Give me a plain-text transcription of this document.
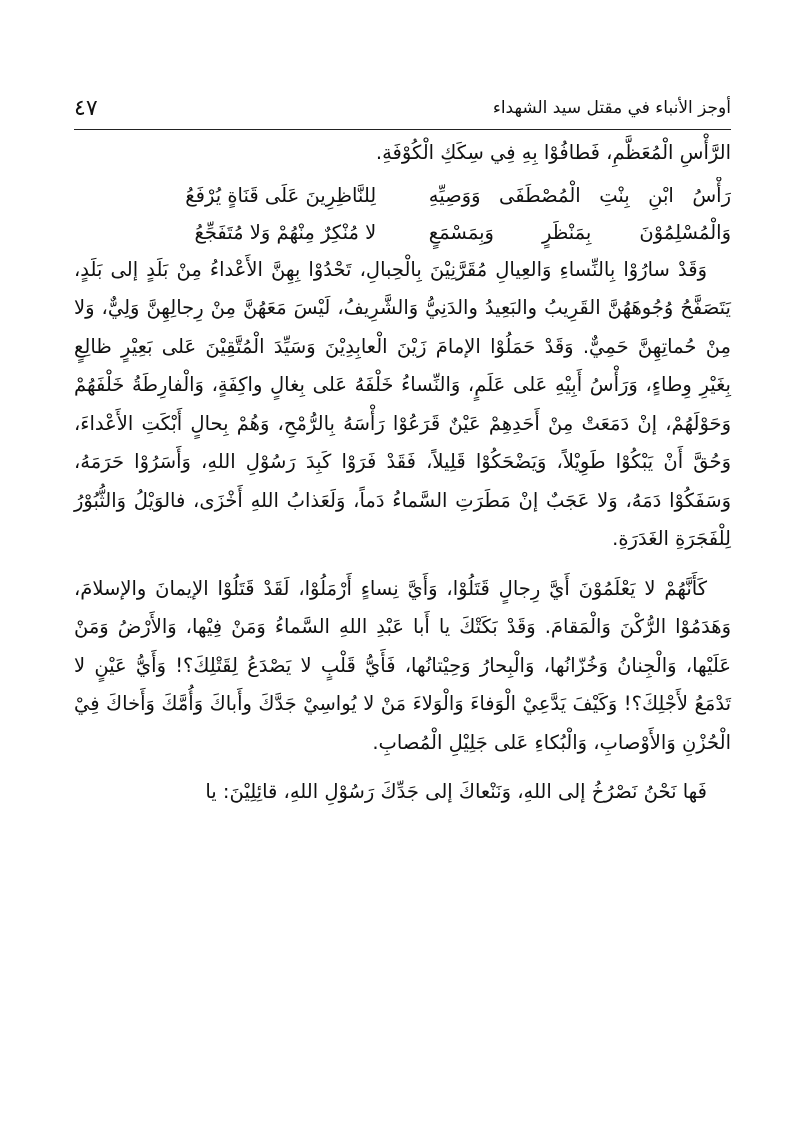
٤٧	أوجز الأنباء في مقتل سيد الشهداء

الرَّأْسِ الْمُعَظَّمِ، فَطافُوْا بِهِ فِي سِكَكِ الْكُوْفَةِ.

رَأْسُ ابْنِ بِنْتِ الْمُصْطَفَى وَوَصِيِّهِ
لِلنَّاظِرِينَ عَلَى قَنَاةٍ يُرْفَعُ
وَالْمُسْلِمُوْنَ بِمَنْظَرٍ وَبِمَسْمَعٍ
لا مُنْكِرٌ مِنْهُمْ وَلا مُتَفَجِّعُ

وَقَدْ سارُوْا بِالنِّساءِ وَالعِيالِ مُقَرَّنِيْنَ بِالْحِبالِ، تَحْدُوْا بِهِنَّ الأَعْداءُ مِنْ بَلَدٍ إلى بَلَدٍ، يَتَصَفَّحُ وُجُوهَهُنَّ القَرِيبُ والبَعِيدُ والدَنِيُّ وَالشَّرِيفُ، لَيْسَ مَعَهُنَّ مِنْ رِجالِهِنَّ وَلِيٌّ، وَلا مِنْ حُماتِهِنَّ حَمِيٌّ. وَقَدْ حَمَلُوْا الإمامَ زَيْنَ الْعابِدِيْنَ وَسَيِّدَ الْمُتَّقِيْنَ عَلى بَعِيْرٍ ظالِعٍ بِغَيْرِ وِطاءٍ، وَرَأْسُ أَبِيْهِ عَلى عَلَمٍ، وَالنِّساءُ خَلْفَهُ عَلى بِغالٍ واكِفَةٍ، وَالْفارِطَةُ خَلْفَهُمْ وَحَوْلَهُمْ، إنْ دَمَعَتْ مِنْ أَحَدِهِمْ عَيْنٌ قَرَعُوْا رَأْسَهُ بِالرُّمْحِ، وَهُمْ بِحالٍ أَبْكَتِ الأَعْداءَ، وَحُقَّ أَنْ يَبْكُوْا طَوِيْلاً، وَيَضْحَكُوْا قَلِيلاً، فَقَدْ فَرَوْا كَبِدَ رَسُوْلِ اللهِ، وَأَسَرُوْا حَرَمَهُ، وَسَفَكُوْا دَمَهُ، وَلا عَجَبٌ إنْ مَطَرَتِ السَّماءُ دَماً، وَلَعَذابُ اللهِ أَخْزَى، فالوَيْلُ وَالثُّبُوْرُ لِلْفَجَرَةِ الغَدَرَةِ.

كَأَنَّهُمْ لا يَعْلَمُوْنَ أَيَّ رِجالٍ قَتَلُوْا، وَأَيَّ نِساءٍ أَرْمَلُوْا، لَقَدْ قَتَلُوْا الإيمانَ والإسلامَ، وَهَدَمُوْا الرُّكْنَ وَالْمَقامَ. وَقَدْ بَكَتْكَ يا أَبا عَبْدِ اللهِ السَّماءُ وَمَنْ فِيْها، وَالأَرْضُ وَمَنْ عَلَيْها، وَالْجِنانُ وَخُزّانُها، وَالْبِحارُ وَحِيْتانُها، فَأَيُّ قَلْبٍ لا يَصْدَعُ لِقَتْلِكَ؟! وَأَيُّ عَيْنٍ لا تَدْمَعُ لأَجْلِكَ؟! وَكَيْفَ يَدَّعِيْ الْوَفاءَ وَالْوَلاءَ مَنْ لا يُواسِيْ جَدَّكَ وأَباكَ وَأُمَّكَ وَأَخاكَ فِيْ الْحُزْنِ وَالأَوْصابِ، وَالْبُكاءِ عَلى جَلِيْلِ الْمُصابِ.

فَها نَحْنُ نَصْرُخُ إلى اللهِ، وَنَنْعاكَ إلى جَدِّكَ رَسُوْلِ اللهِ، قائِلِيْنَ: يا
